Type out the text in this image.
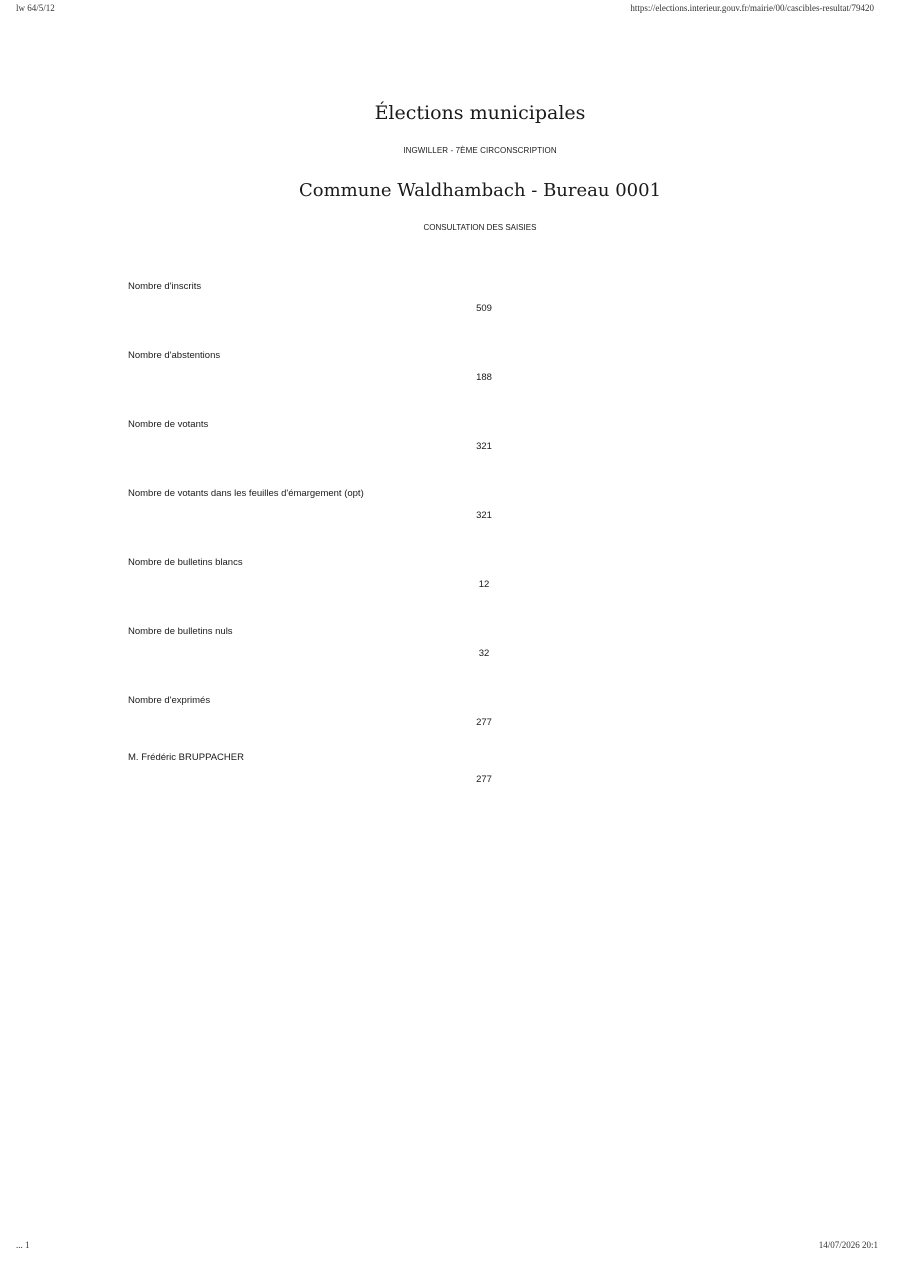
lw 64/5/12	https://elections.interieur.gouv.fr/mairie/00/cascibles-resultat/79420
Élections municipales
INGWILLER - 7ÈME CIRCONSCRIPTION
Commune Waldhambach - Bureau 0001
CONSULTATION DES SAISIES
Nombre d'inscrits
509
Nombre d'abstentions
188
Nombre de votants
321
Nombre de votants dans les feuilles d'émargement (opt)
321
Nombre de bulletins blancs
12
Nombre de bulletins nuls
32
Nombre d'exprimés
277
M. Frédéric BRUPPACHER
277
... 1	14/07/2026 20:1
